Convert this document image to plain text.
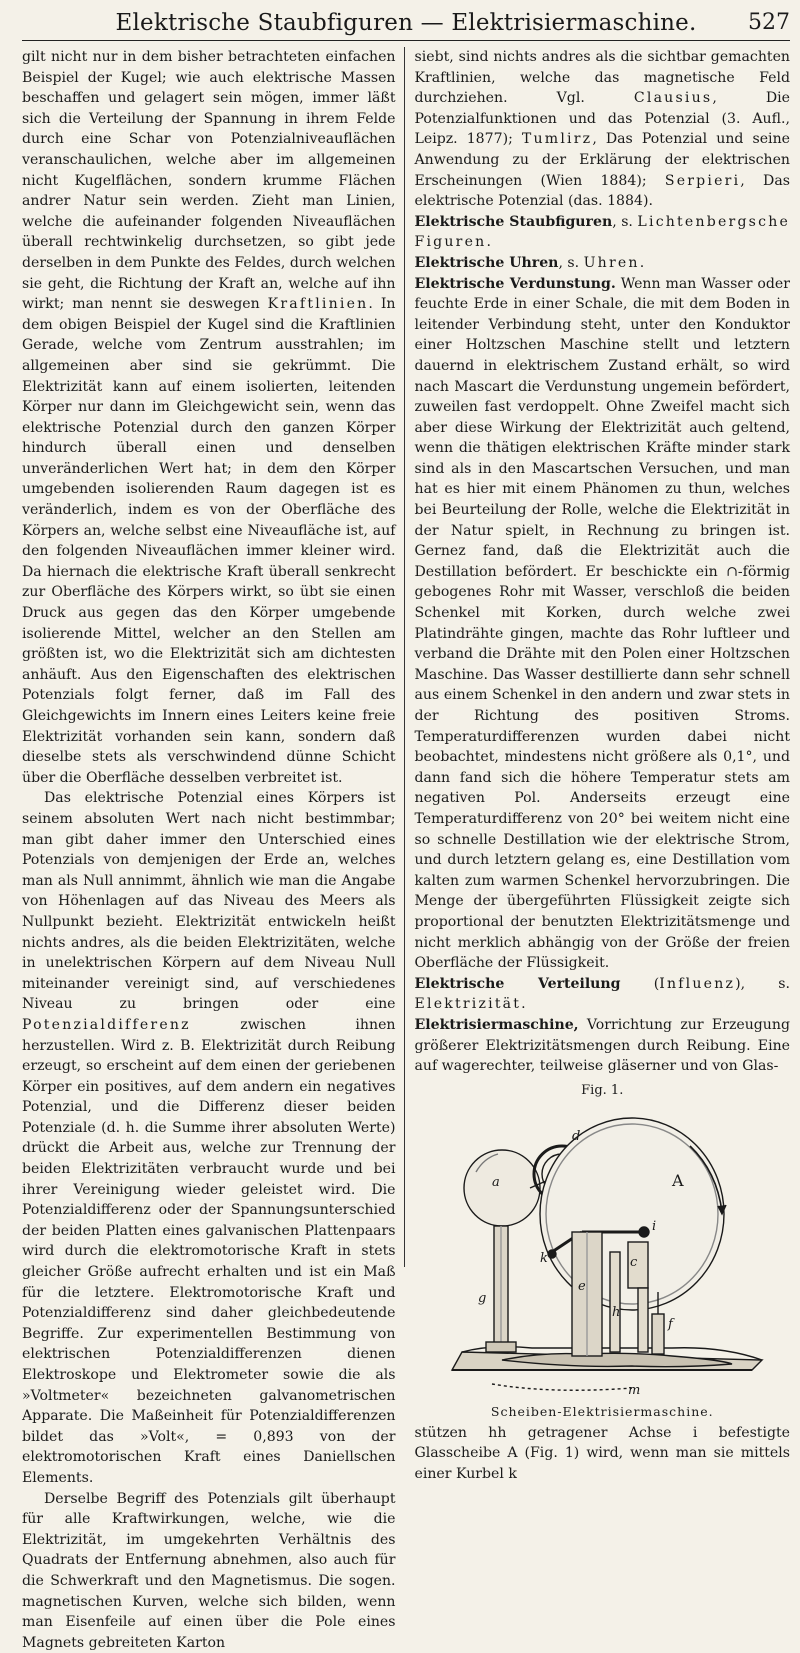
Elektrische Staubfiguren — Elektrisiermaschine.	527

gilt nicht nur in dem bisher betrachteten einfachen Beispiel der Kugel; wie auch elektrische Massen beschaffen und gelagert sein mögen, immer läßt sich die Verteilung der Spannung in ihrem Felde durch eine Schar von Potenzialniveauflächen veranschaulichen, welche aber im allgemeinen nicht Kugelflächen, sondern krumme Flächen andrer Natur sein werden. Zieht man Linien, welche die aufeinander folgenden Niveauflächen überall rechtwinkelig durchsetzen, so gibt jede derselben in dem Punkte des Feldes, durch welchen sie geht, die Richtung der Kraft an, welche auf ihn wirkt; man nennt sie deswegen Kraftlinien. In dem obigen Beispiel der Kugel sind die Kraftlinien Gerade, welche vom Zentrum ausstrahlen; im allgemeinen aber sind sie gekrümmt. Die Elektrizität kann auf einem isolierten, leitenden Körper nur dann im Gleichgewicht sein, wenn das elektrische Potenzial durch den ganzen Körper hindurch überall einen und denselben unveränderlichen Wert hat; in dem den Körper umgebenden isolierenden Raum dagegen ist es veränderlich, indem es von der Oberfläche des Körpers an, welche selbst eine Niveaufläche ist, auf den folgenden Niveauflächen immer kleiner wird. Da hiernach die elektrische Kraft überall senkrecht zur Oberfläche des Körpers wirkt, so übt sie einen Druck aus gegen das den Körper umgebende isolierende Mittel, welcher an den Stellen am größten ist, wo die Elektrizität sich am dichtesten anhäuft. Aus den Eigenschaften des elektrischen Potenzials folgt ferner, daß im Fall des Gleichgewichts im Innern eines Leiters keine freie Elektrizität vorhanden sein kann, sondern daß dieselbe stets als verschwindend dünne Schicht über die Oberfläche desselben verbreitet ist.

Das elektrische Potenzial eines Körpers ist seinem absoluten Wert nach nicht bestimmbar; man gibt daher immer den Unterschied eines Potenzials von demjenigen der Erde an, welches man als Null annimmt, ähnlich wie man die Angabe von Höhenlagen auf das Niveau des Meers als Nullpunkt bezieht. Elektrizität entwickeln heißt nichts andres, als die beiden Elektrizitäten, welche in unelektrischen Körpern auf dem Niveau Null miteinander vereinigt sind, auf verschiedenes Niveau zu bringen oder eine Potenzialdifferenz zwischen ihnen herzustellen. Wird z. B. Elektrizität durch Reibung erzeugt, so erscheint auf dem einen der geriebenen Körper ein positives, auf dem andern ein negatives Potenzial, und die Differenz dieser beiden Potenziale (d. h. die Summe ihrer absoluten Werte) drückt die Arbeit aus, welche zur Trennung der beiden Elektrizitäten verbraucht wurde und bei ihrer Vereinigung wieder geleistet wird. Die Potenzialdifferenz oder der Spannungsunterschied der beiden Platten eines galvanischen Plattenpaars wird durch die elektromotorische Kraft in stets gleicher Größe aufrecht erhalten und ist ein Maß für die letztere. Elektromotorische Kraft und Potenzialdifferenz sind daher gleichbedeutende Begriffe. Zur experimentellen Bestimmung von elektrischen Potenzialdifferenzen dienen Elektroskope und Elektrometer sowie die als »Voltmeter« bezeichneten galvanometrischen Apparate. Die Maßeinheit für Potenzialdifferenzen bildet das »Volt«, = 0,893 von der elektromotorischen Kraft eines Daniellschen Elements.

Derselbe Begriff des Potenzials gilt überhaupt für alle Kraftwirkungen, welche, wie die Elektrizität, im umgekehrten Verhältnis des Quadrats der Entfernung abnehmen, also auch für die Schwerkraft und den Magnetismus. Die sogen. magnetischen Kurven, welche sich bilden, wenn man Eisenfeile auf einen über die Pole eines Magnets gebreiteten Karton

siebt, sind nichts andres als die sichtbar gemachten Kraftlinien, welche das magnetische Feld durchziehen. Vgl. Clausius, Die Potenzialfunktionen und das Potenzial (3. Aufl., Leipz. 1877); Tumlirz, Das Potenzial und seine Anwendung zu der Erklärung der elektrischen Erscheinungen (Wien 1884); Serpieri, Das elektrische Potenzial (das. 1884).

Elektrische Staubfiguren, s. Lichtenbergsche Figuren.

Elektrische Uhren, s. Uhren.

Elektrische Verdunstung. Wenn man Wasser oder feuchte Erde in einer Schale, die mit dem Boden in leitender Verbindung steht, unter den Konduktor einer Holtzschen Maschine stellt und letztern dauernd in elektrischem Zustand erhält, so wird nach Mascart die Verdunstung ungemein befördert, zuweilen fast verdoppelt. Ohne Zweifel macht sich aber diese Wirkung der Elektrizität auch geltend, wenn die thätigen elektrischen Kräfte minder stark sind als in den Mascartschen Versuchen, und man hat es hier mit einem Phänomen zu thun, welches bei Beurteilung der Rolle, welche die Elektrizität in der Natur spielt, in Rechnung zu bringen ist. Gernez fand, daß die Elektrizität auch die Destillation befördert. Er beschickte ein ∩-förmig gebogenes Rohr mit Wasser, verschloß die beiden Schenkel mit Korken, durch welche zwei Platindrähte gingen, machte das Rohr luftleer und verband die Drähte mit den Polen einer Holtzschen Maschine. Das Wasser destillierte dann sehr schnell aus einem Schenkel in den andern und zwar stets in der Richtung des positiven Stroms. Temperaturdifferenzen wurden dabei nicht beobachtet, mindestens nicht größere als 0,1°, und dann fand sich die höhere Temperatur stets am negativen Pol. Anderseits erzeugt eine Temperaturdifferenz von 20° bei weitem nicht eine so schnelle Destillation wie der elektrische Strom, und durch letztern gelang es, eine Destillation vom kalten zum warmen Schenkel hervorzubringen. Die Menge der übergeführten Flüssigkeit zeigte sich proportional der benutzten Elektrizitätsmenge und nicht merklich abhängig von der Größe der freien Oberfläche der Flüssigkeit.

Elektrische Verteilung (Influenz), s. Elektrizität.

Elektrisiermaschine, Vorrichtung zur Erzeugung größerer Elektrizitätsmengen durch Reibung. Eine auf wagerechter, teilweise gläserner und von Glas-

Fig. 1.
a	A
d
c
k
e
g
h
i
f
m
Scheiben-Elektrisiermaschine.

stützen hh getragener Achse i befestigte Glasscheibe A (Fig. 1) wird, wenn man sie mittels einer Kurbel k
